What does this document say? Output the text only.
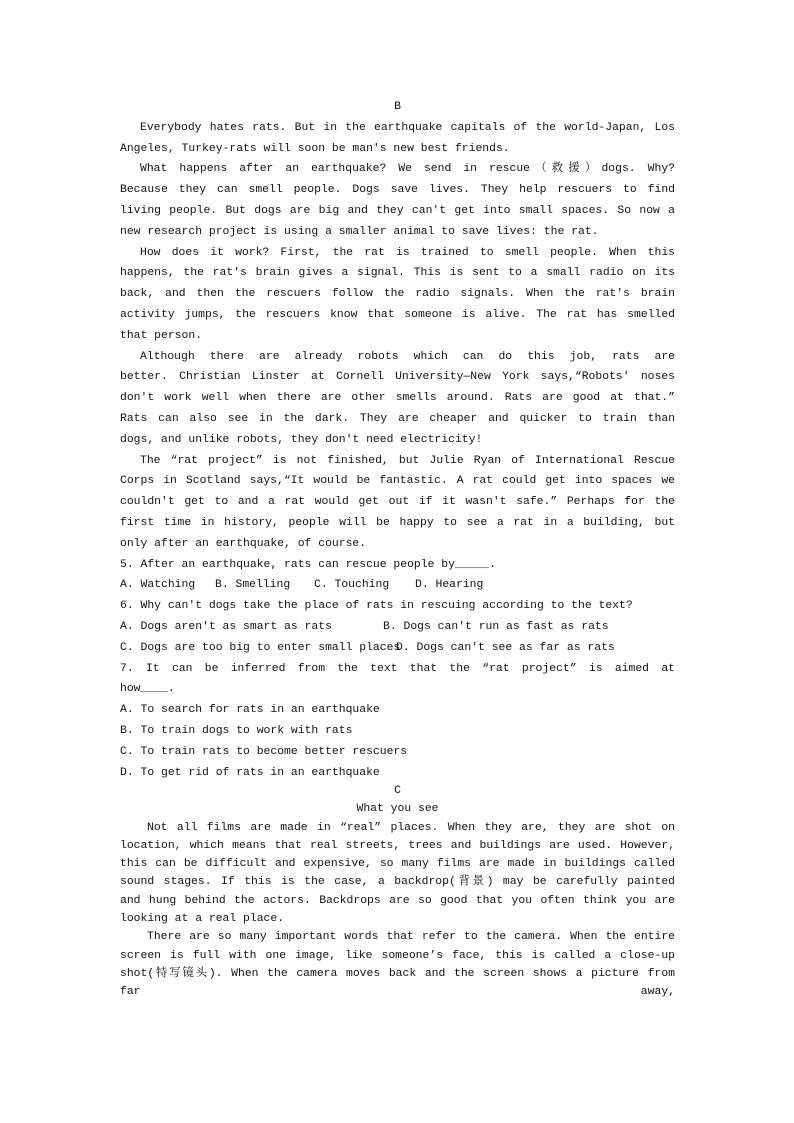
B
Everybody hates rats. But in the earthquake capitals of the world-Japan, Los
Angeles, Turkey-rats will soon be man's new best friends.
What happens after an earthquake? We send in rescue（救援）dogs. Why?
Because they can smell people. Dogs save lives. They help rescuers to find
living people. But dogs are big and they can't get into small spaces. So now a
new research project is using a smaller animal to save lives: the rat.
How does it work? First, the rat is trained to smell people. When this
happens, the rat's brain gives a signal. This is sent to a small radio on its
back, and then the rescuers follow the radio signals. When the rat's brain
activity jumps, the rescuers know that someone is alive. The rat has smelled
that person.
Although there are already robots which can do this job, rats are
better. Christian Linster at Cornell University—New York says,“Robots' noses
don't work well when there are other smells around. Rats are good at that.”
Rats can also see in the dark. They are cheaper and quicker to train than
dogs, and unlike robots, they don't need electricity!
The “rat project” is not finished, but Julie Ryan of International Rescue
Corps in Scotland says,“It would be fantastic. A rat could get into spaces we
couldn't get to and a rat would get out if it wasn't safe.” Perhaps for the
first time in history, people will be happy to see a rat in a building, but
only after an earthquake, of course.
5. After an earthquake, rats can rescue people by_____.
A. Watching B. Smelling C. Touching D. Hearing
6. Why can't dogs take the place of rats in rescuing according to the text?
A. Dogs aren't as smart as rats	B. Dogs can't run as fast as rats
C. Dogs are too big to enter small places
D. Dogs can't see as far as rats
7. It can be inferred from the text that the “rat project” is aimed at
how____.
A. To search for rats in an earthquake
B. To train dogs to work with rats
C. To train rats to become better rescuers
D. To get rid of rats in an earthquake
C
What you see
Not all films are made in “real” places. When they are, they are shot on
location, which means that real streets, trees and buildings are used. However,
this can be difficult and expensive, so many films are made in buildings called
sound stages. If this is the case, a backdrop(背景) may be carefully painted
and hung behind the actors. Backdrops are so good that you often think you are
looking at a real place.
There are so many important words that refer to the camera. When the entire
screen is full with one image, like someone’s face, this is called a close-up
shot(特写镜头). When the camera moves back and the screen shows a picture from
far away,
